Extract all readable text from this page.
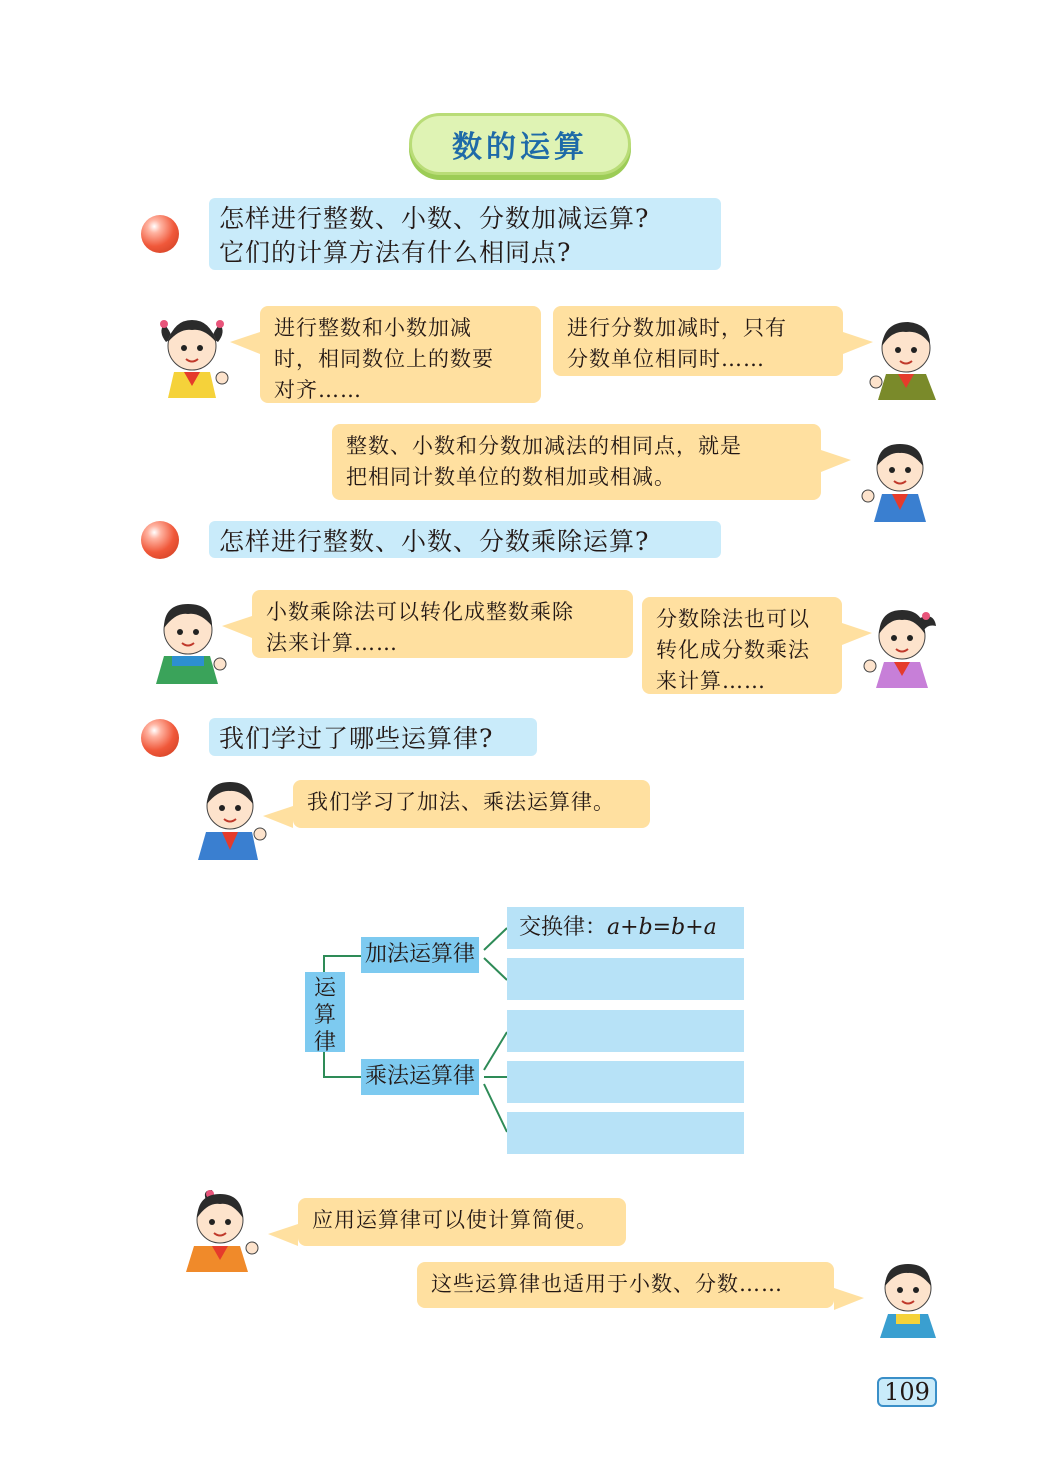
数的运算
怎样进行整数、小数、分数加减运算?
它们的计算方法有什么相同点?
进行整数和小数加减
时，相同数位上的数要
对齐……
进行分数加减时，只有
分数单位相同时……
整数、小数和分数加减法的相同点，就是
把相同计数单位的数相加或相减。
怎样进行整数、小数、分数乘除运算?
小数乘除法可以转化成整数乘除
法来计算……
分数除法也可以
转化成分数乘法
来计算……
我们学过了哪些运算律?
我们学习了加法、乘法运算律。
运
算
律
加法运算律
乘法运算律
交换律：a+b=b+a
应用运算律可以使计算简便。
这些运算律也适用于小数、分数……
109
